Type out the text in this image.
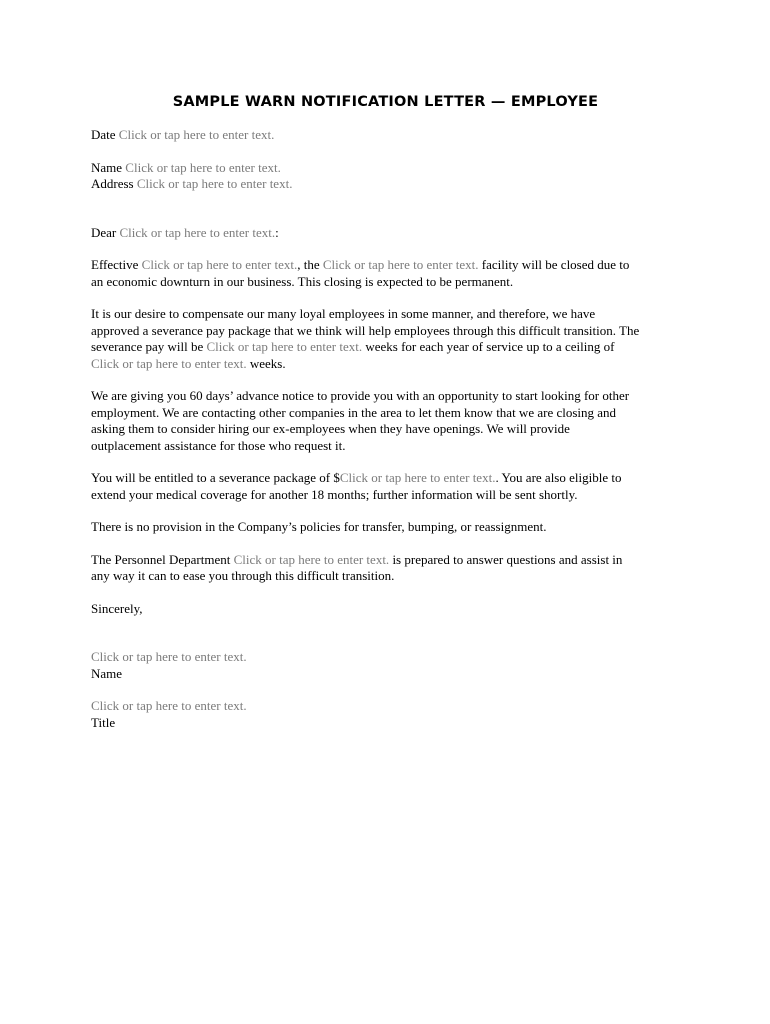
SAMPLE WARN NOTIFICATION LETTER — EMPLOYEE

Date Click or tap here to enter text.

Name Click or tap here to enter text.

Address Click or tap here to enter text.

Dear Click or tap here to enter text.:

Effective Click or tap here to enter text., the Click or tap here to enter text. facility will be closed due to

an economic downturn in our business. This closing is expected to be permanent.

It is our desire to compensate our many loyal employees in some manner, and therefore, we have

approved a severance pay package that we think will help employees through this difficult transition. The

severance pay will be Click or tap here to enter text. weeks for each year of service up to a ceiling of

Click or tap here to enter text. weeks.

We are giving you 60 days’ advance notice to provide you with an opportunity to start looking for other

employment. We are contacting other companies in the area to let them know that we are closing and

asking them to consider hiring our ex-employees when they have openings. We will provide

outplacement assistance for those who request it.

You will be entitled to a severance package of $Click or tap here to enter text.. You are also eligible to

extend your medical coverage for another 18 months; further information will be sent shortly.

There is no provision in the Company’s policies for transfer, bumping, or reassignment.

The Personnel Department Click or tap here to enter text. is prepared to answer questions and assist in

any way it can to ease you through this difficult transition.

Sincerely,

Click or tap here to enter text.

Name

Click or tap here to enter text.

Title
